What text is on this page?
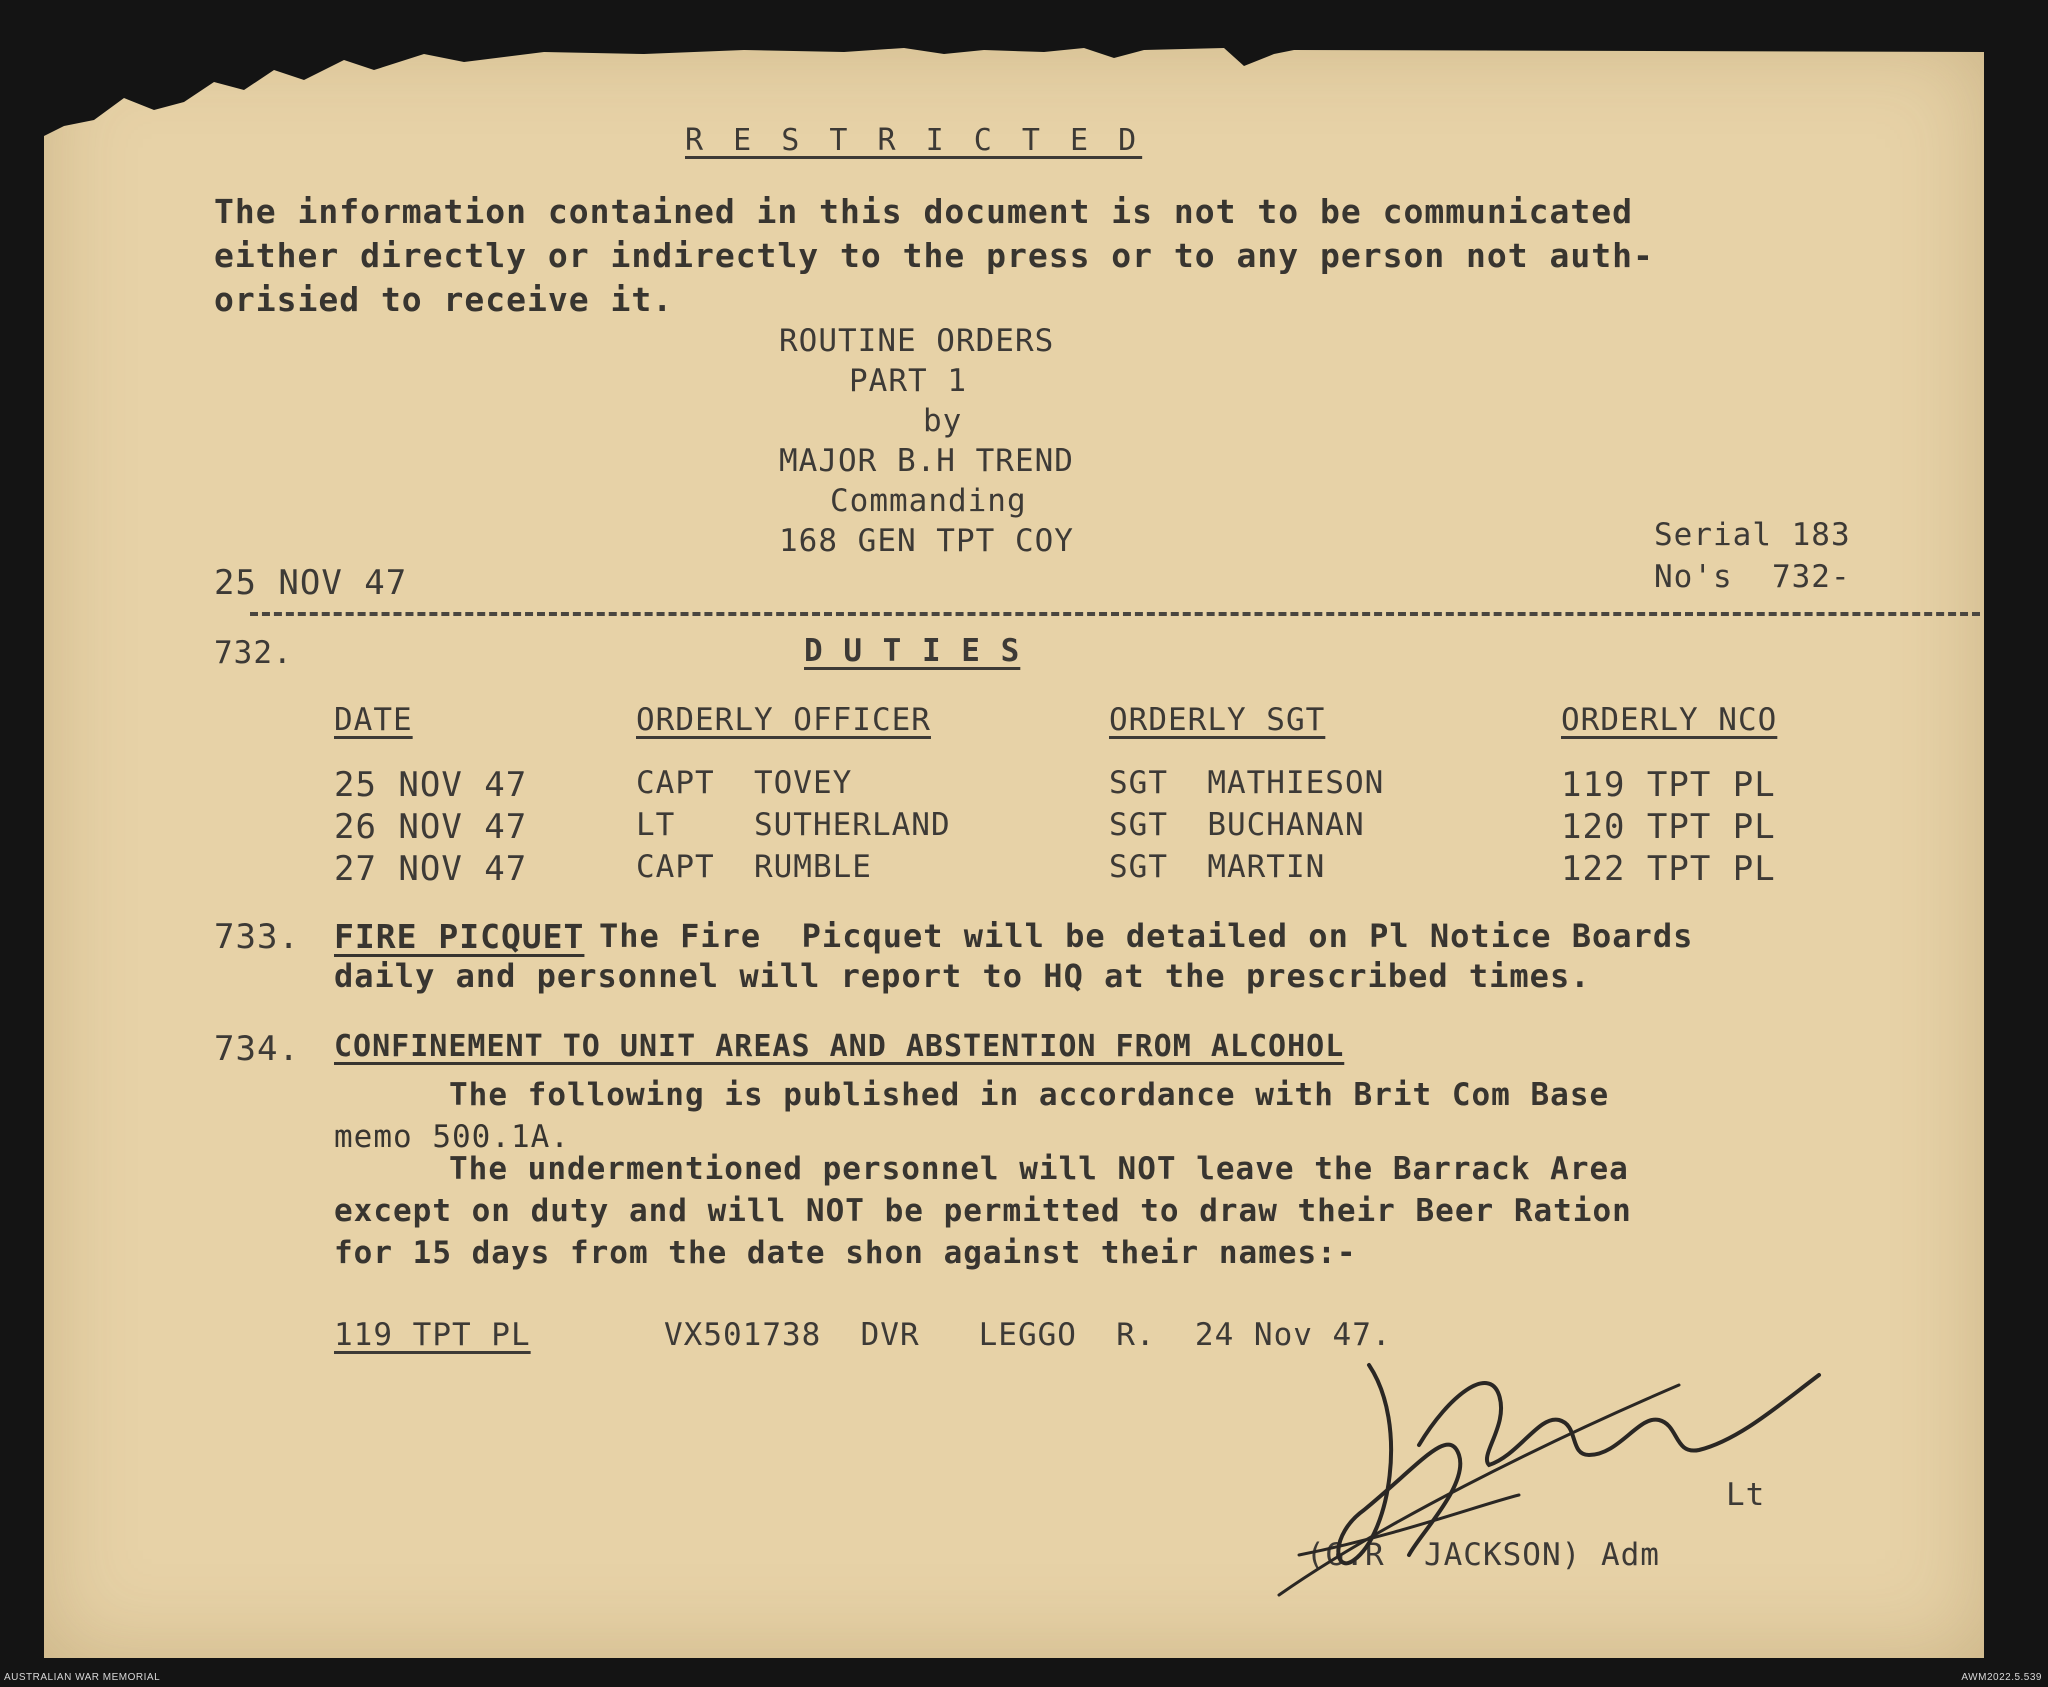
R E S T R I C T E D
The information contained in this document is not to be communicated
either directly or indirectly to the press or to any person not auth-
orisied to receive it.
ROUTINE ORDERS
PART 1
by
MAJOR B.H TREND
Commanding
168 GEN TPT COY
25 NOV 47
Serial 183
No's  732-
732.	D U T I E S
DATE	ORDERLY OFFICER	ORDERLY SGT	ORDERLY NCO
25 NOV 47	CAPT  TOVEY	SGT  MATHIESON	119 TPT PL
26 NOV 47	LT    SUTHERLAND	SGT  BUCHANAN	120 TPT PL
27 NOV 47	CAPT  RUMBLE	SGT  MARTIN	122 TPT PL
733. FIRE PICQUET The Fire  Picquet will be detailed on Pl Notice Boards
daily and personnel will report to HQ at the prescribed times.
734. CONFINEMENT TO UNIT AREAS AND ABSTENTION FROM ALCOHOL
The following is published in accordance with Brit Com Base
memo 500.1A.
The undermentioned personnel will NOT leave the Barrack Area
except on duty and will NOT be permitted to draw their Beer Ration
for 15 days from the date shon against their names:-
119 TPT PL	VX501738  DVR   LEGGO  R.  24 Nov 47.
Lt
(G.R  JACKSON) Adm
AUSTRALIAN WAR MEMORIAL	AWM2022.5.539
